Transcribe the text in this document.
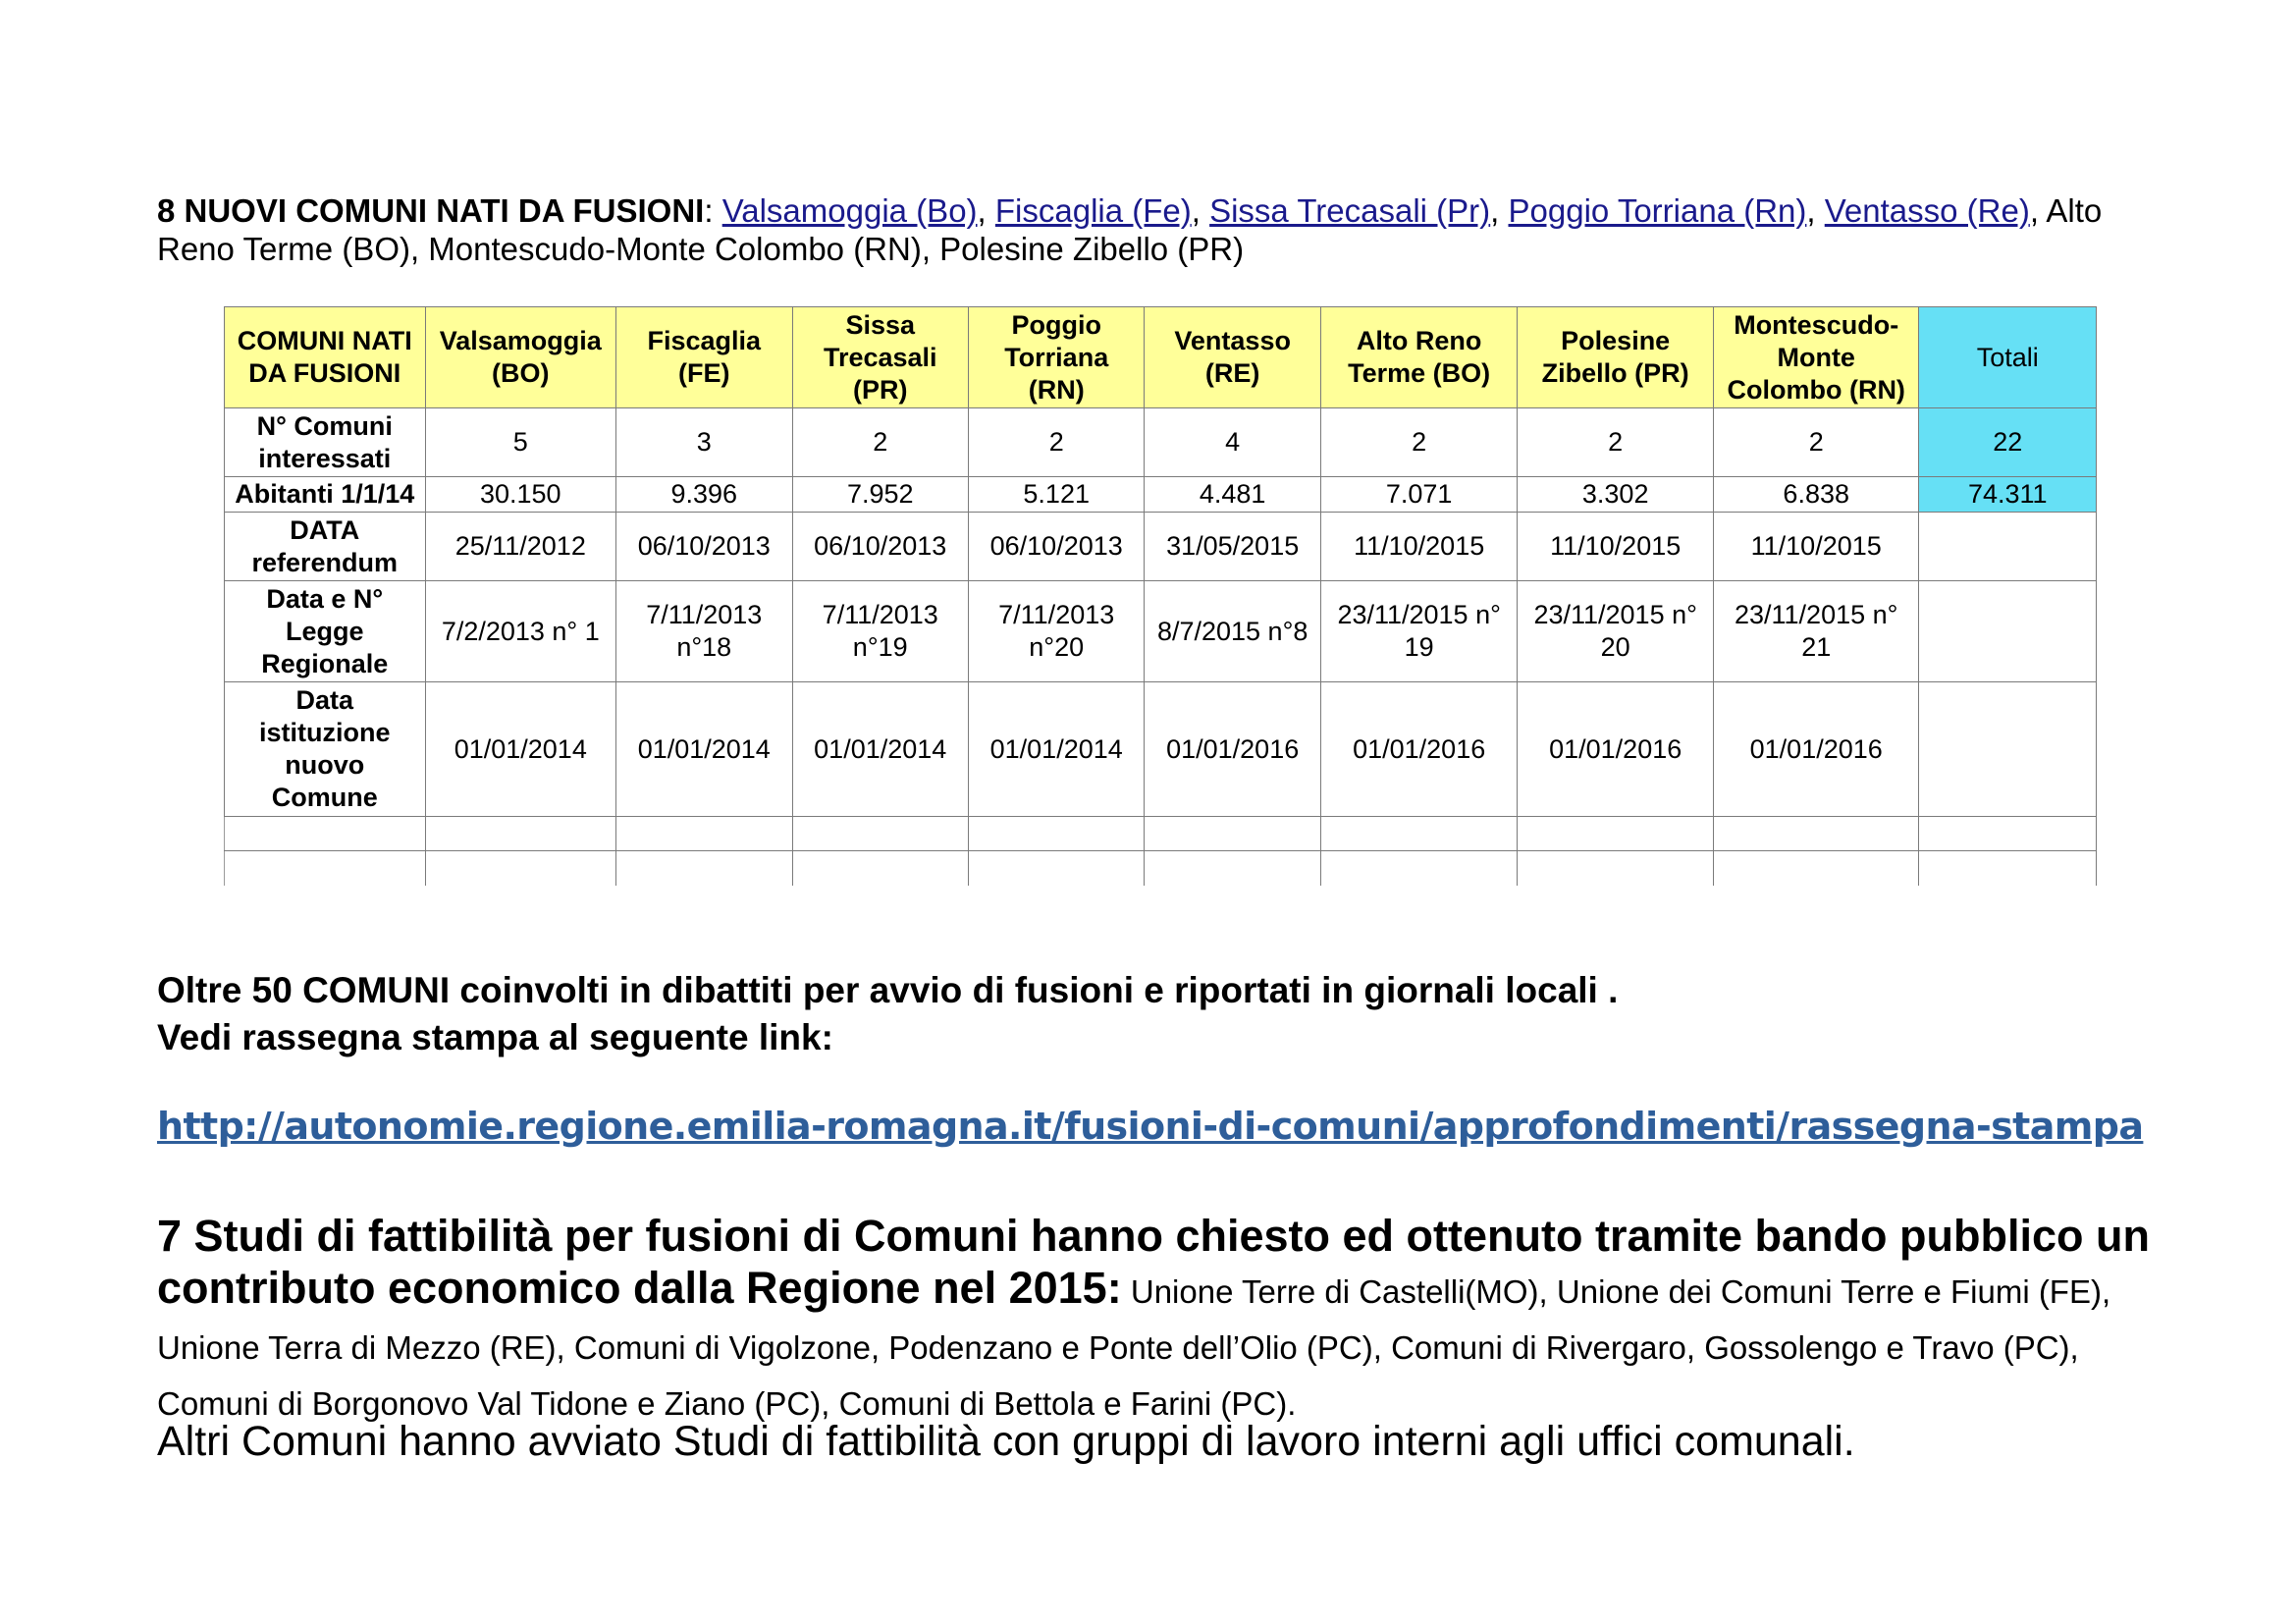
8 NUOVI COMUNI NATI DA FUSIONI: Valsamoggia (Bo), Fiscaglia (Fe), Sissa Trecasali (Pr), Poggio Torriana (Rn), Ventasso (Re), Alto Reno Terme (BO), Montescudo-Monte Colombo (RN), Polesine Zibello (PR)
COMUNI NATI DA FUSIONI	Valsamoggia (BO)	Fiscaglia (FE)	Sissa Trecasali (PR)	Poggio Torriana (RN)	Ventasso (RE)	Alto Reno Terme (BO)	Polesine Zibello (PR)	Montescudo-Monte Colombo (RN)	Totali
N° Comuni interessati	5	3	2	2	4	2	2	2	22
Abitanti 1/1/14	30.150	9.396	7.952	5.121	4.481	7.071	3.302	6.838	74.311
DATA referendum	25/11/2012	06/10/2013	06/10/2013	06/10/2013	31/05/2015	11/10/2015	11/10/2015	11/10/2015	
Data e N° Legge Regionale	7/2/2013 n° 1	7/11/2013 n°18	7/11/2013 n°19	7/11/2013 n°20	8/7/2015 n°8	23/11/2015 n° 19	23/11/2015 n° 20	23/11/2015 n° 21	
Data istituzione nuovo Comune	01/01/2014	01/01/2014	01/01/2014	01/01/2014	01/01/2016	01/01/2016	01/01/2016	01/01/2016	

Oltre 50 COMUNI coinvolti in dibattiti per avvio di fusioni e riportati in giornali locali .
Vedi rassegna stampa al seguente link:
http://autonomie.regione.emilia-romagna.it/fusioni-di-comuni/approfondimenti/rassegna-stampa
7 Studi di fattibilità per fusioni di Comuni hanno chiesto ed ottenuto tramite bando pubblico un contributo economico dalla Regione nel 2015: Unione Terre di Castelli(MO), Unione dei Comuni Terre e Fiumi (FE), Unione Terra di Mezzo (RE), Comuni di Vigolzone, Podenzano e Ponte dell’Olio (PC), Comuni di Rivergaro, Gossolengo e Travo (PC), Comuni di Borgonovo Val Tidone e Ziano (PC), Comuni di Bettola e Farini (PC).
Altri Comuni hanno avviato Studi di fattibilità con gruppi di lavoro interni agli uffici comunali.
